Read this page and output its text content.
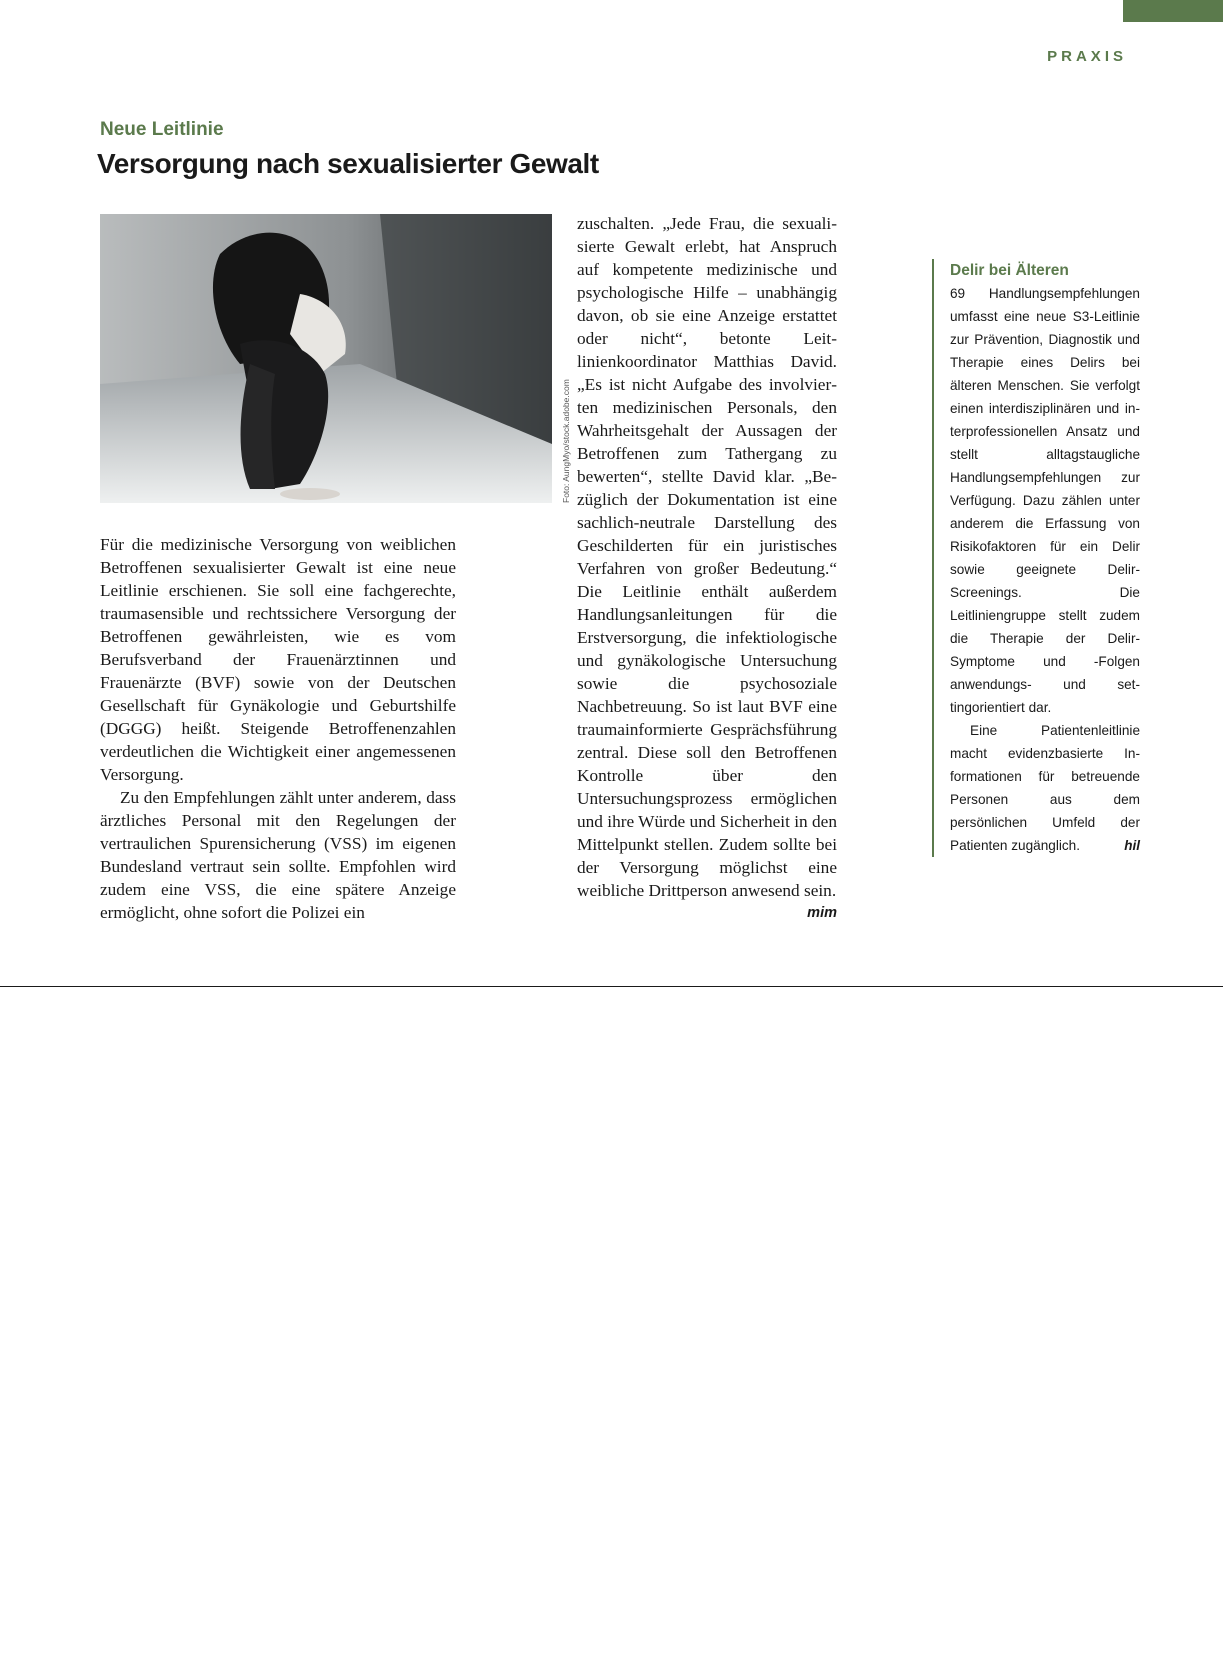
PRAXIS
Neue Leitlinie
Versorgung nach sexualisierter Gewalt
Foto: AungMyo/stock.adobe.com

Für die medizinische Versorgung von weiblichen Betroffenen sexualisierter Gewalt ist eine neue Leitlinie erschienen. Sie soll eine fachgerechte, traumasensible und rechtssichere Versorgung der Betroffenen gewährleisten, wie es vom Berufsverband der Frauenärztinnen und Frauenärzte (BVF) sowie von der Deutschen Gesellschaft für Gynäkologie und Geburtshilfe (DGGG) heißt. Steigende Betroffenenzahlen verdeutlichen die Wichtigkeit einer angemessenen Versorgung.

Zu den Empfehlungen zählt unter anderem, dass ärztliches Personal mit den Regelungen der vertraulichen Spurensicherung (VSS) im eigenen Bundesland vertraut sein sollte. Empfohlen wird zudem eine VSS, die eine spätere Anzeige ermöglicht, ohne sofort die Polizei ein

zuschalten. „Jede Frau, die sexualisierte Gewalt erlebt, hat Anspruch auf kompetente medizinische und psychologische Hilfe – unabhängig davon, ob sie eine Anzeige erstattet oder nicht“, betonte Leitlinienkoordinator Matthias David. „Es ist nicht Aufgabe des involvierten medizinischen Personals, den Wahrheitsgehalt der Aussagen der Betroffenen zum Tathergang zu bewerten“, stellte David klar. „Bezüglich der Dokumentation ist eine sachlich-neutrale Darstellung des Geschilderten für ein juristisches Verfahren von großer Bedeutung.“ Die Leitlinie enthält außerdem Handlungsanleitungen für die Erstversorgung, die infektiologische und gynäkologische Untersuchung sowie die psychosoziale Nachbetreuung. So ist laut BVF eine traumainformierte Gesprächsführung zentral. Diese soll den Betroffenen Kontrolle über den Untersuchungsprozess ermöglichen und ihre Würde und Sicherheit in den Mittelpunkt stellen. Zudem sollte bei der Versorgung möglichst eine weibliche Drittperson anwesend sein.
mim

Delir bei Älteren

69 Handlungsempfehlungen umfasst eine neue S3-Leitlinie zur Prävention, Diagnostik und Therapie eines Delirs bei älteren Menschen. Sie verfolgt einen interdisziplinären und interprofessionellen Ansatz und stellt alltagstaugliche Handlungsempfehlungen zur Verfügung. Dazu zählen unter anderem die Erfassung von Risikofaktoren für ein Delir sowie geeignete Delir-Screenings. Die Leitliniengruppe stellt zudem die Therapie der Delir-Symptome und -Folgen anwendungs- und settingorientiert dar.

Eine Patientenleitlinie macht evidenzbasierte Informationen für betreuende Personen aus dem persönlichen Umfeld der Patienten zugänglich.	hil
